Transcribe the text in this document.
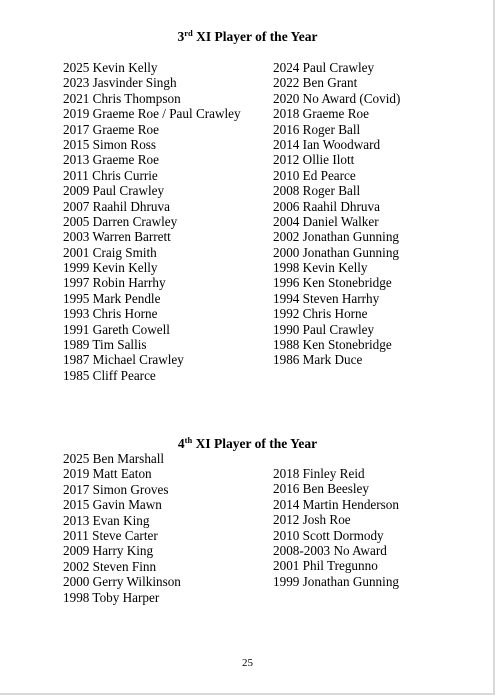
3rd XI Player of the Year
2025 Kevin Kelly
2023 Jasvinder Singh
2021 Chris Thompson
2019 Graeme Roe / Paul Crawley
2017 Graeme Roe
2015 Simon Ross
2013 Graeme Roe
2011 Chris Currie
2009 Paul Crawley
2007 Raahil Dhruva
2005 Darren Crawley
2003 Warren Barrett
2001 Craig Smith
1999 Kevin Kelly
1997 Robin Harrhy
1995 Mark Pendle
1993 Chris Horne
1991 Gareth Cowell
1989 Tim Sallis
1987 Michael Crawley
1985 Cliff Pearce
2024 Paul Crawley
2022 Ben Grant
2020 No Award (Covid)
2018 Graeme Roe
2016 Roger Ball
2014 Ian Woodward
2012 Ollie Ilott
2010 Ed Pearce
2008 Roger Ball
2006 Raahil Dhruva
2004 Daniel Walker
2002 Jonathan Gunning
2000 Jonathan Gunning
1998 Kevin Kelly
1996 Ken Stonebridge
1994 Steven Harrhy
1992 Chris Horne
1990 Paul Crawley
1988 Ken Stonebridge
1986 Mark Duce
4th XI Player of the Year
2025 Ben Marshall
2019 Matt Eaton
2017 Simon Groves
2015 Gavin Mawn
2013 Evan King
2011 Steve Carter
2009 Harry King
2002 Steven Finn
2000 Gerry Wilkinson
1998 Toby Harper
2018 Finley Reid
2016 Ben Beesley
2014 Martin Henderson
2012 Josh Roe
2010 Scott Dormody
2008-2003 No Award
2001 Phil Tregunno
1999 Jonathan Gunning
25
